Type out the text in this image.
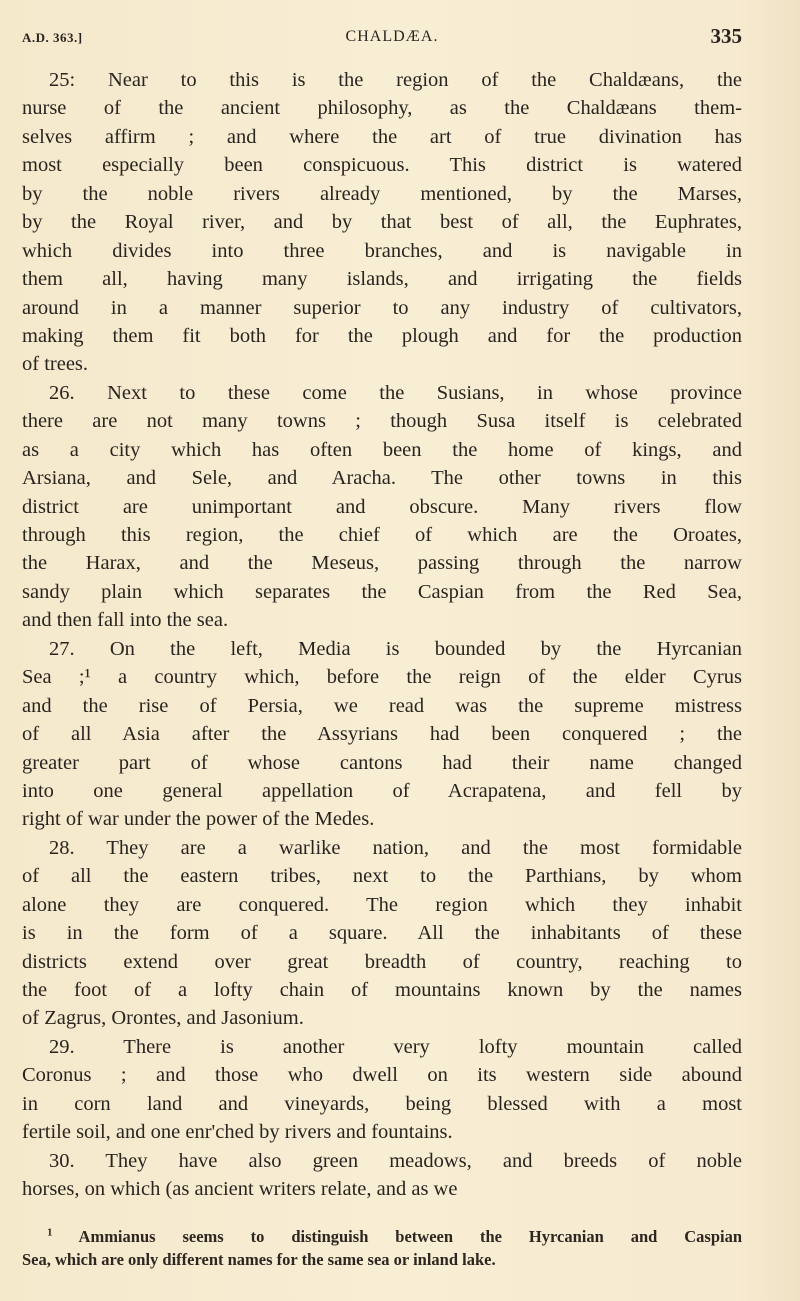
A.D. 363.]	CHALDÆA.	335
25: Near to this is the region of the Chaldæans, the
nurse of the ancient philosophy, as the Chaldæans them-
selves affirm ; and where the art of true divination has
most especially been conspicuous. This district is watered
by the noble rivers already mentioned, by the Marses,
by the Royal river, and by that best of all, the Euphrates,
which divides into three branches, and is navigable in
them all, having many islands, and irrigating the fields
around in a manner superior to any industry of cultivators,
making them fit both for the plough and for the production
of trees.
26. Next to these come the Susians, in whose province
there are not many towns ; though Susa itself is celebrated
as a city which has often been the home of kings, and
Arsiana, and Sele, and Aracha. The other towns in this
district are unimportant and obscure. Many rivers flow
through this region, the chief of which are the Oroates,
the Harax, and the Meseus, passing through the narrow
sandy plain which separates the Caspian from the Red Sea,
and then fall into the sea.
27. On the left, Media is bounded by the Hyrcanian
Sea ;¹ a country which, before the reign of the elder Cyrus
and the rise of Persia, we read was the supreme mistress
of all Asia after the Assyrians had been conquered ; the
greater part of whose cantons had their name changed
into one general appellation of Acrapatena, and fell by
right of war under the power of the Medes.
28. They are a warlike nation, and the most formidable
of all the eastern tribes, next to the Parthians, by whom
alone they are conquered. The region which they inhabit
is in the form of a square. All the inhabitants of these
districts extend over great breadth of country, reaching to
the foot of a lofty chain of mountains known by the names
of Zagrus, Orontes, and Jasonium.
29. There is another very lofty mountain called
Coronus ; and those who dwell on its western side abound
in corn land and vineyards, being blessed with a most
fertile soil, and one enr'ched by rivers and fountains.
30. They have also green meadows, and breeds of noble
horses, on which (as ancient writers relate, and as we
$^1$ Ammianus seems to distinguish between the Hyrcanian and Caspian
Sea, which are only different names for the same sea or inland lake.
